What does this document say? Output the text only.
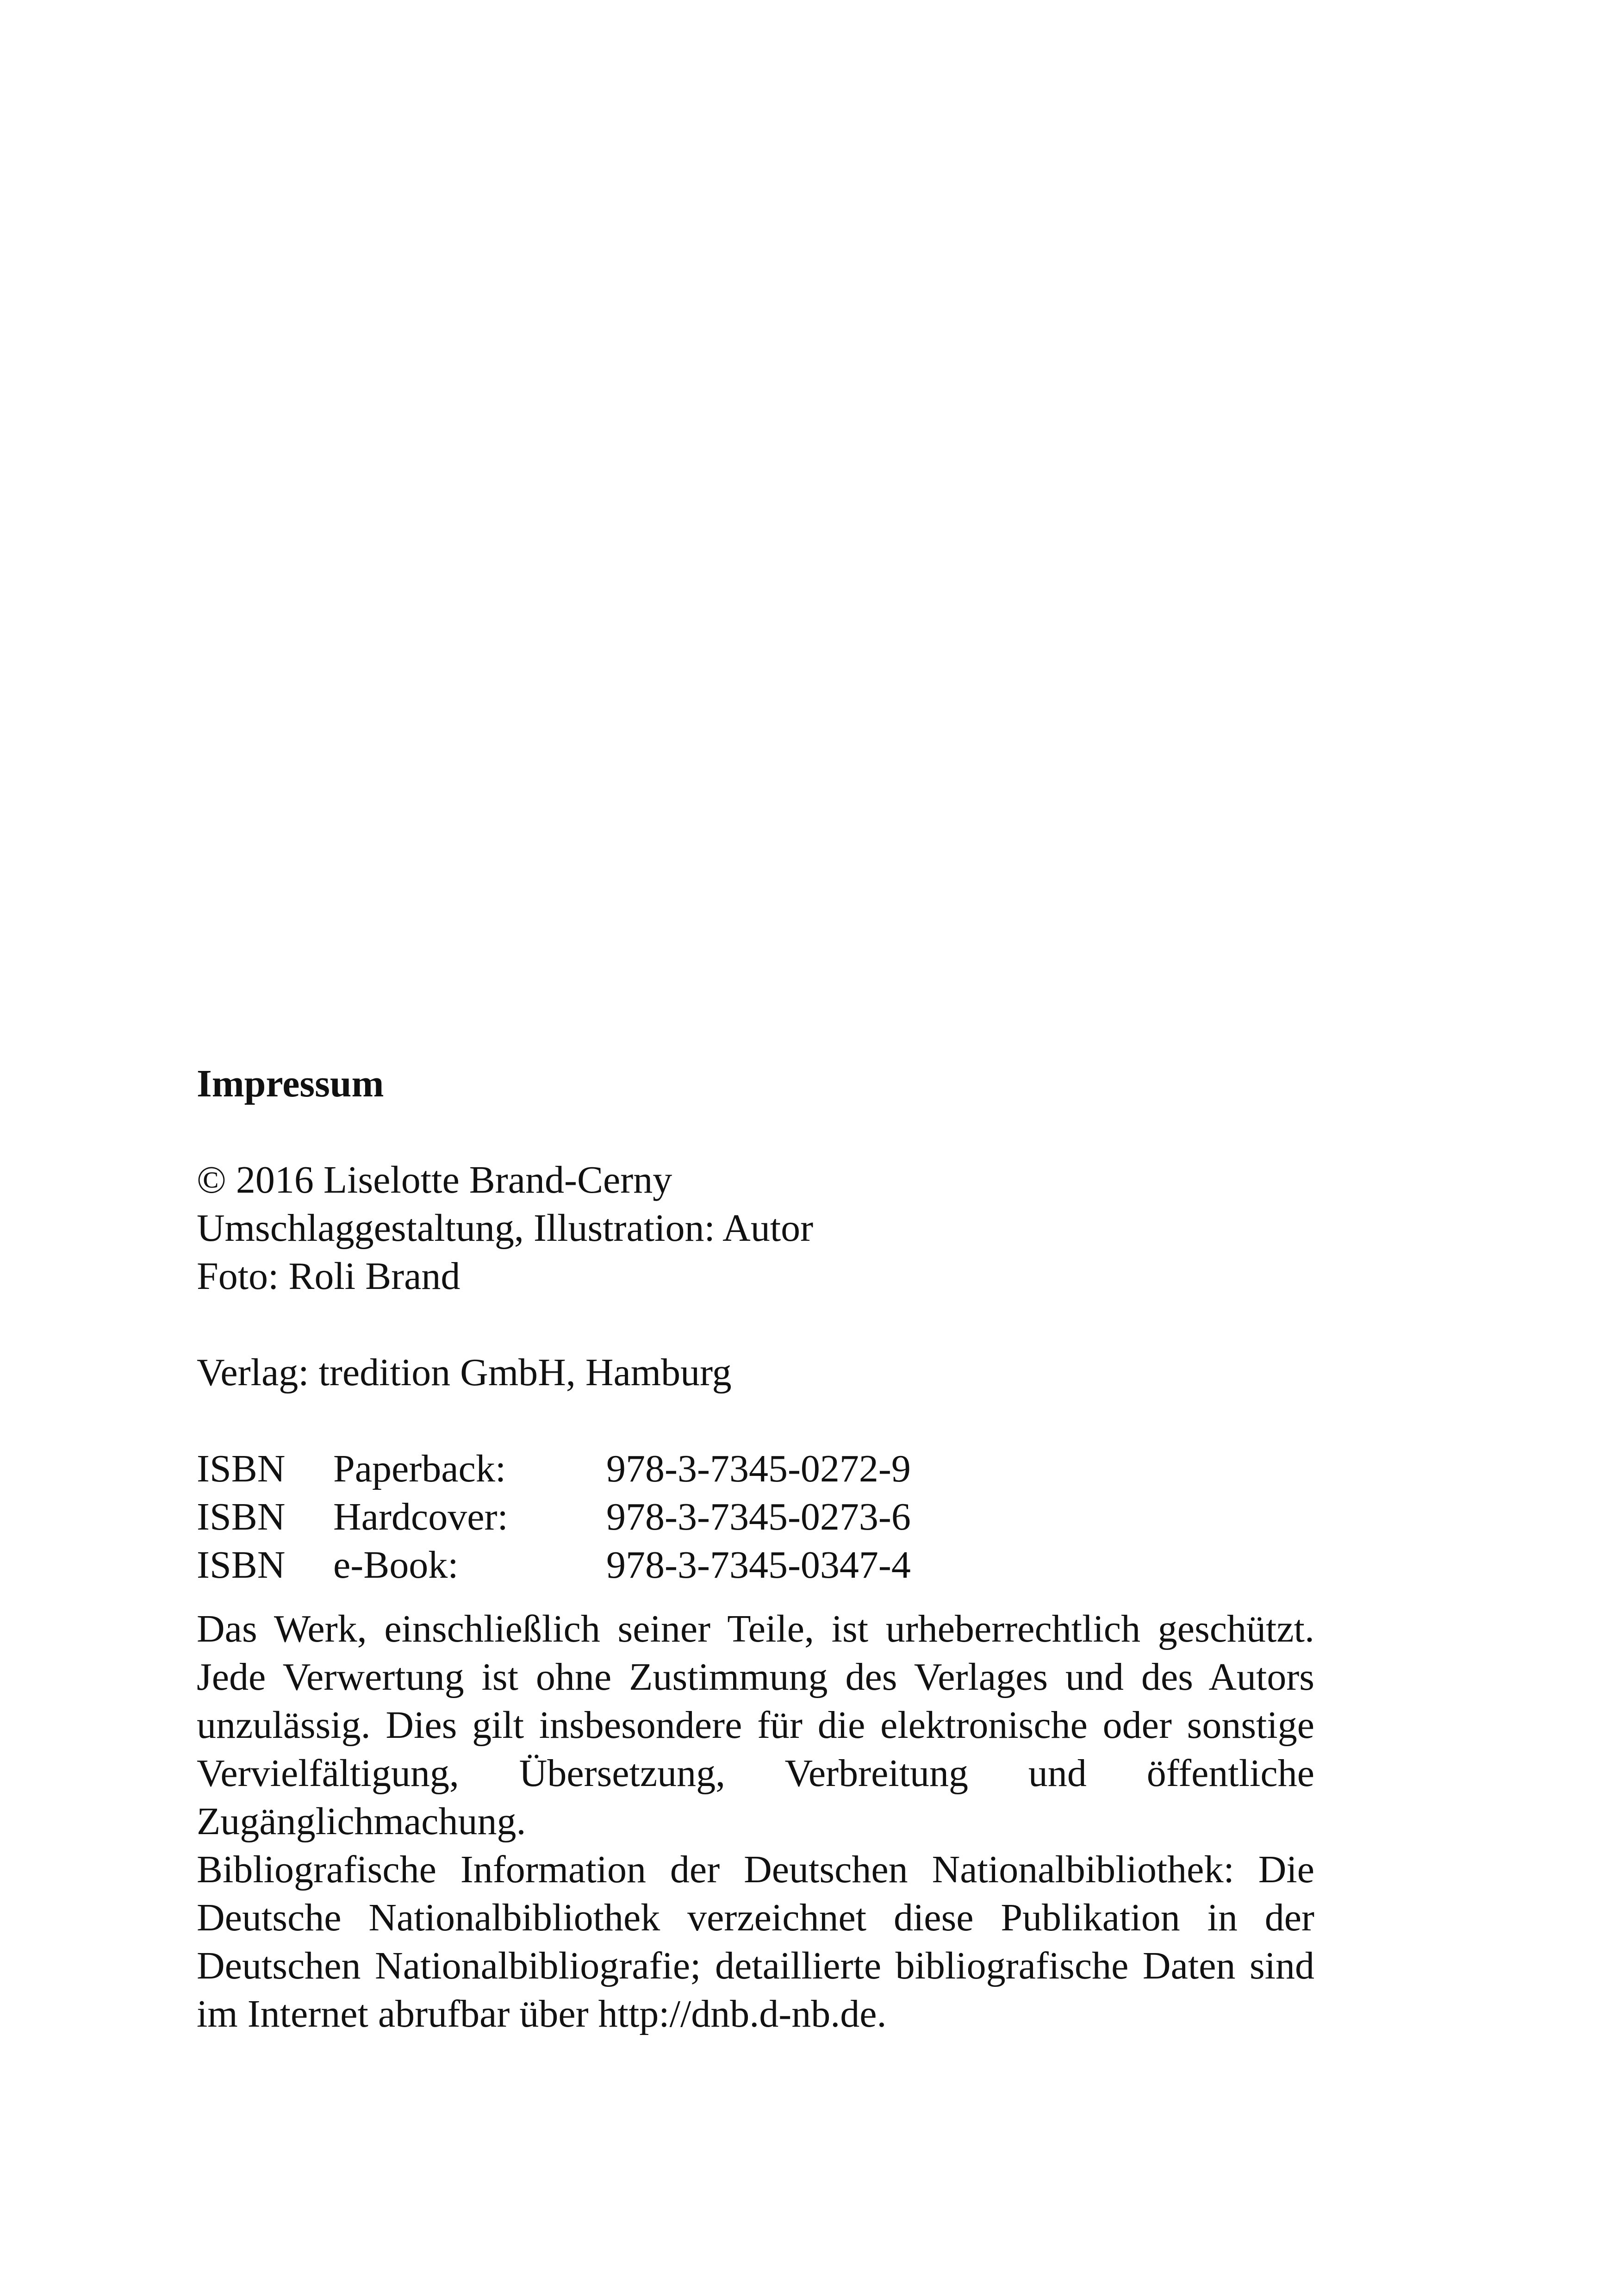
Impressum

© 2016 Liselotte Brand-Cerny

Umschlaggestaltung, Illustration: Autor

Foto: Roli Brand

Verlag: tredition GmbH, Hamburg

ISBN	Paperback:	978-3-7345-0272-9
ISBN	Hardcover:	978-3-7345-0273-6
ISBN	e-Book:	978-3-7345-0347-4

Das Werk, einschließlich seiner Teile, ist urheberrechtlich geschützt. Jede Verwertung ist ohne Zustimmung des Verlages und des Autors unzulässig. Dies gilt insbesondere für die elektronische oder sonstige Vervielfältigung, Übersetzung, Verbreitung und öffentliche Zugänglichmachung.

Bibliografische Information der Deutschen Nationalbibliothek: Die Deutsche Nationalbibliothek verzeichnet diese Publikation in der Deutschen Nationalbibliografie; detaillierte bibliografische Daten sind im Internet abrufbar über http://dnb.d-nb.de.
